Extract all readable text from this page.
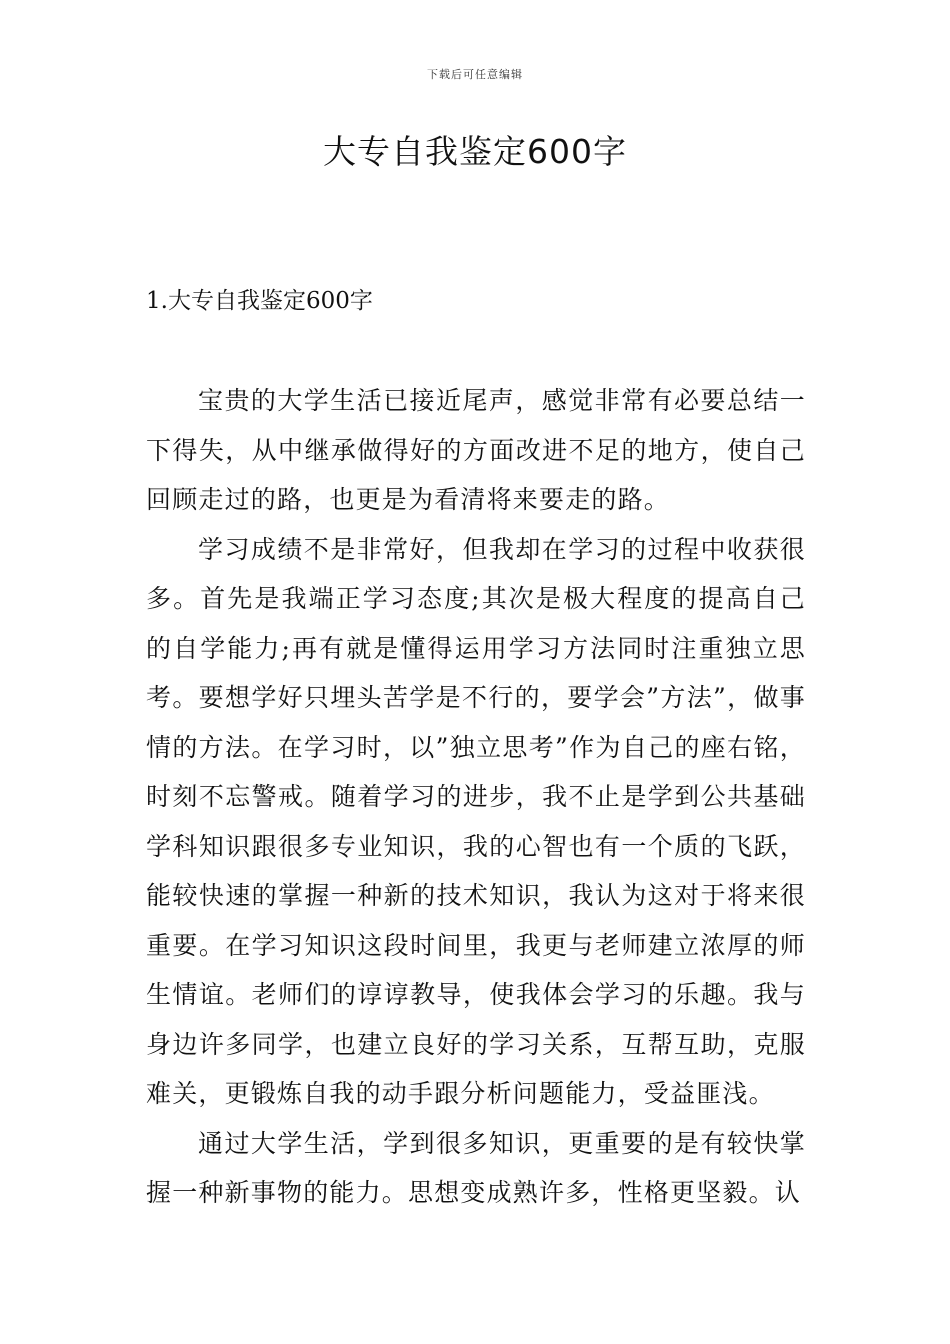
下载后可任意编辑
大专自我鉴定600字
1.大专自我鉴定600字

宝贵的大学生活已接近尾声，感觉非常有必要总结一下得失，从中继承做得好的方面改进不足的地方，使自己回顾走过的路，也更是为看清将来要走的路。

学习成绩不是非常好，但我却在学习的过程中收获很多。首先是我端正学习态度;其次是极大程度的提高自己的自学能力;再有就是懂得运用学习方法同时注重独立思考。要想学好只埋头苦学是不行的，要学会”方法”，做事情的方法。在学习时，以”独立思考”作为自己的座右铭，时刻不忘警戒。随着学习的进步，我不止是学到公共基础学科知识跟很多专业知识，我的心智也有一个质的飞跃，能较快速的掌握一种新的技术知识，我认为这对于将来很重要。在学习知识这段时间里，我更与老师建立浓厚的师生情谊。老师们的谆谆教导，使我体会学习的乐趣。我与身边许多同学，也建立良好的学习关系，互帮互助，克服难关，更锻炼自我的动手跟分析问题能力，受益匪浅。

通过大学生活，学到很多知识，更重要的是有较快掌握一种新事物的能力。思想变成熟许多，性格更坚毅。认
